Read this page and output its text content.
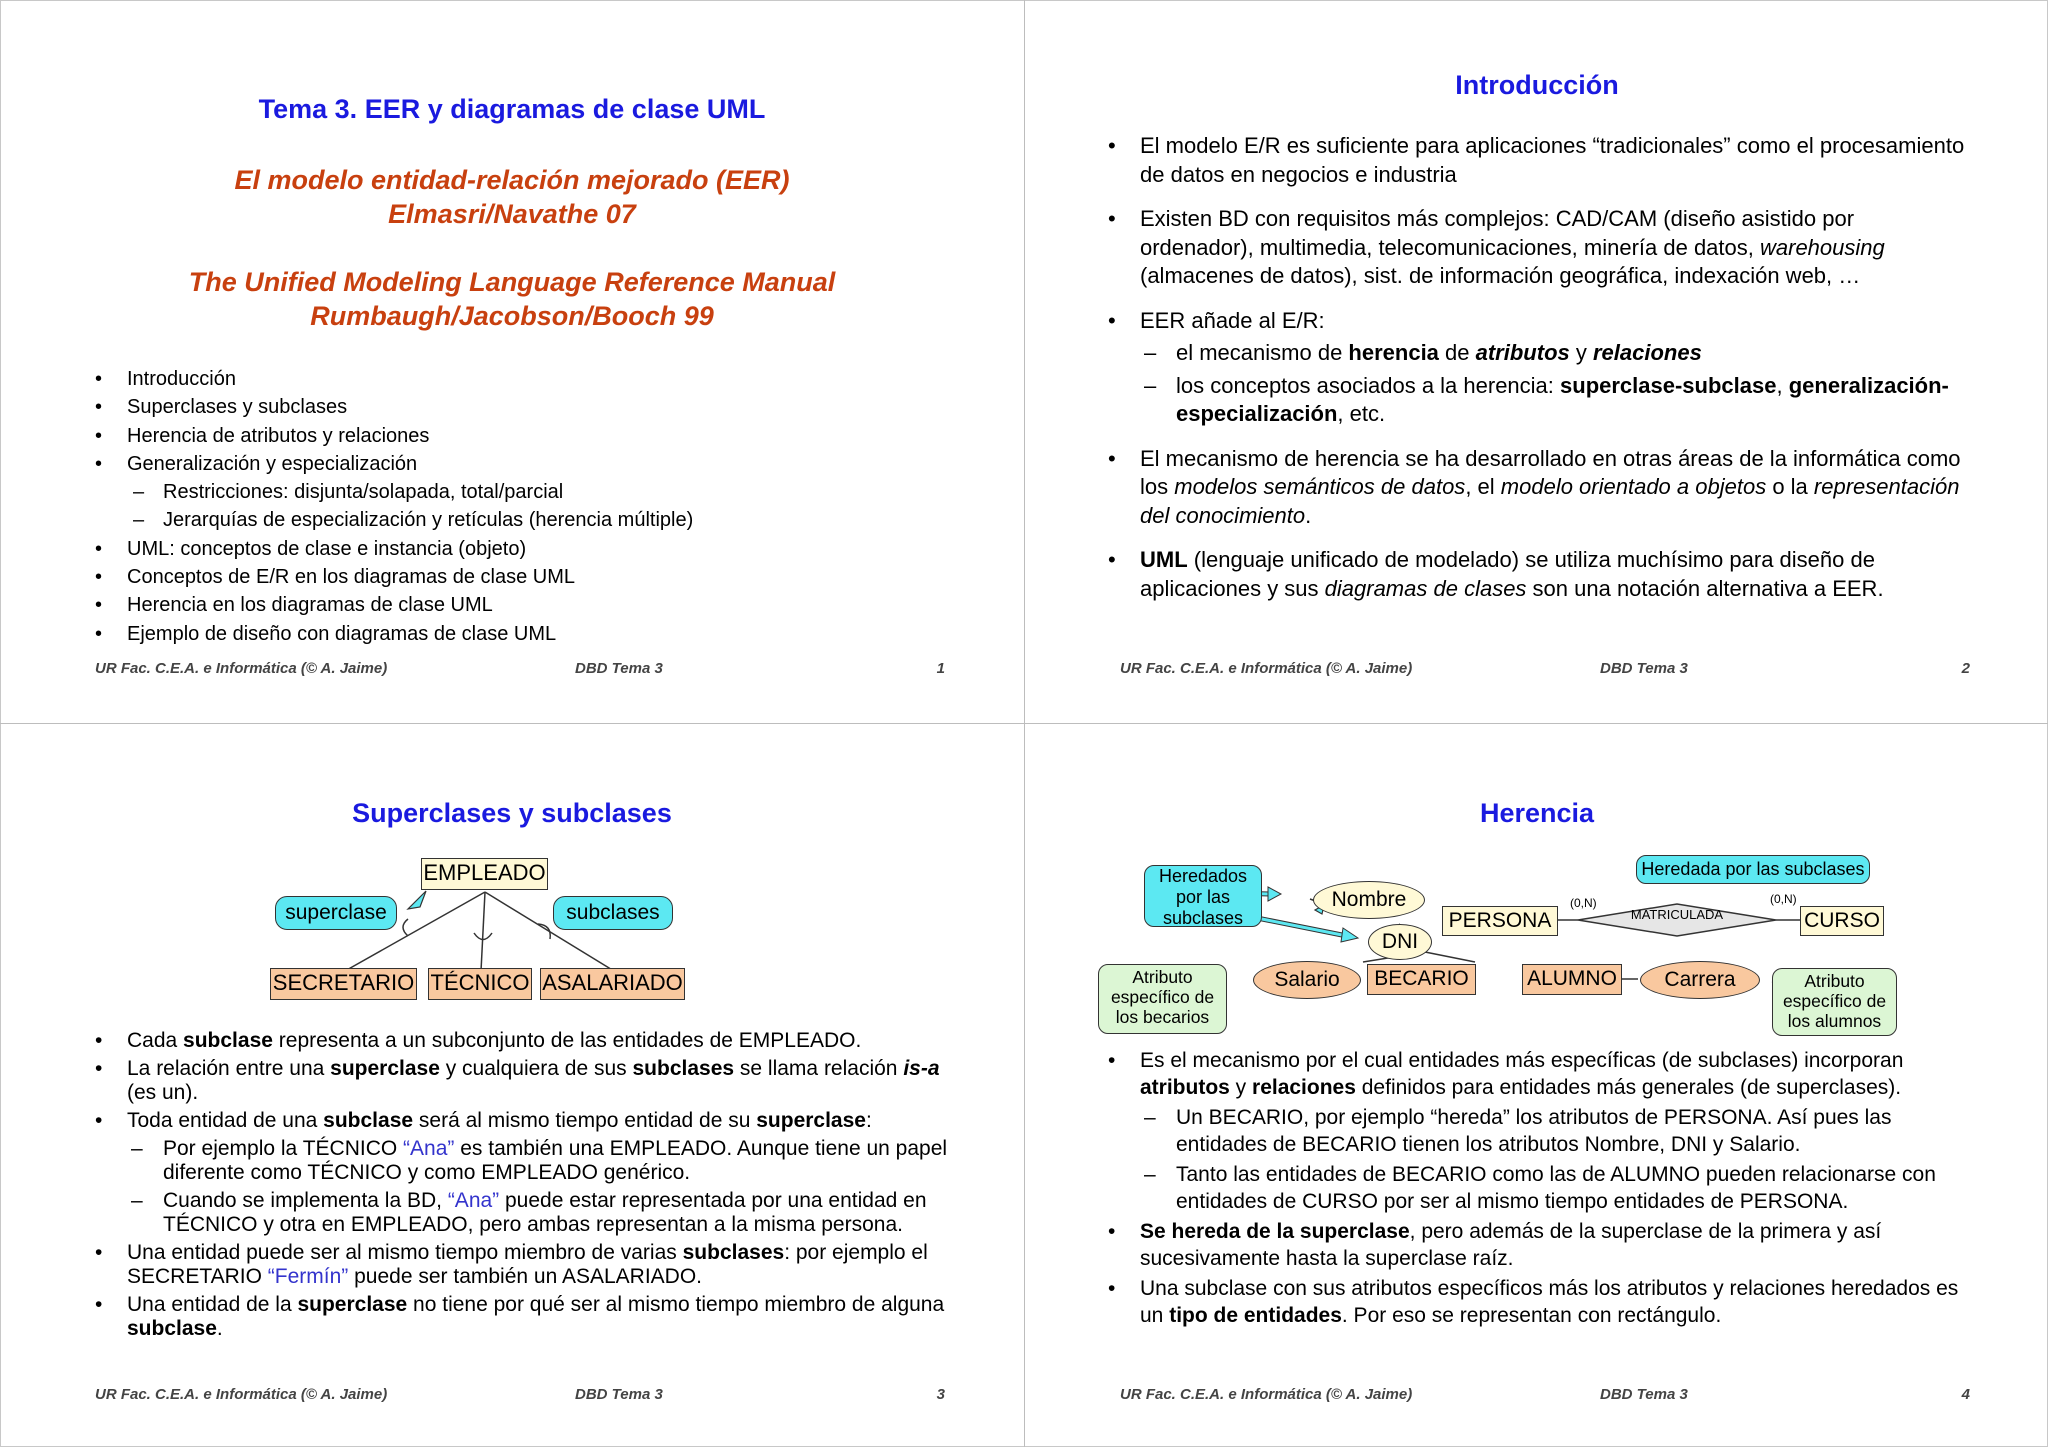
Tema 3. EER y diagramas de clase UML
El modelo entidad-relación mejorado (EER)
Elmasri/Navathe 07
The Unified Modeling Language Reference Manual
Rumbaugh/Jacobson/Booch 99
• Introducción
• Superclases y subclases
• Herencia de atributos y relaciones
• Generalización y especialización
– Restricciones: disjunta/solapada, total/parcial
– Jerarquías de especialización y retículas (herencia múltiple)
• UML: conceptos de clase e instancia (objeto)
• Conceptos de E/R en los diagramas de clase UML
• Herencia en los diagramas de clase UML
• Ejemplo de diseño con diagramas de clase UML
UR Fac. C.E.A. e Informática (© A. Jaime)	DBD Tema 3	1
Introducción
• El modelo E/R es suficiente para aplicaciones “tradicionales” como el procesamiento de datos en negocios e industria
• Existen BD con requisitos más complejos: CAD/CAM (diseño asistido por ordenador), multimedia, telecomunicaciones, minería de datos, warehousing (almacenes de datos), sist. de información geográfica, indexación web, …
• EER añade al E/R:
– el mecanismo de herencia de atributos y relaciones
– los conceptos asociados a la herencia: superclase-subclase, generalización-especialización, etc.
• El mecanismo de herencia se ha desarrollado en otras áreas de la informática como los modelos semánticos de datos, el modelo orientado a objetos o la representación del conocimiento.
• UML (lenguaje unificado de modelado) se utiliza muchísimo para diseño de aplicaciones y sus diagramas de clases son una notación alternativa a EER.
UR Fac. C.E.A. e Informática (© A. Jaime)	DBD Tema 3	2
Superclases y subclases
EMPLEADO
superclase	subclases
SECRETARIO TÉCNICO ASALARIADO
• Cada subclase representa a un subconjunto de las entidades de EMPLEADO.
• La relación entre una superclase y cualquiera de sus subclases se llama relación is-a (es un).
• Toda entidad de una subclase será al mismo tiempo entidad de su superclase:
– Por ejemplo la TÉCNICO “Ana” es también una EMPLEADO. Aunque tiene un papel diferente como TÉCNICO y como EMPLEADO genérico.
– Cuando se implementa la BD, “Ana” puede estar representada por una entidad en TÉCNICO y otra en EMPLEADO, pero ambas representan a la misma persona.
• Una entidad puede ser al mismo tiempo miembro de varias subclases: por ejemplo el SECRETARIO “Fermín” puede ser también un ASALARIADO.
• Una entidad de la superclase no tiene por qué ser al mismo tiempo miembro de alguna subclase.
UR Fac. C.E.A. e Informática (© A. Jaime)	DBD Tema 3	3
Herencia
Heredados por las subclases
Heredada por las subclases
Nombre
DNI
PERSONA	MATRICULADA
(0,N)	(0,N)
CURSO
Atributo específico de los becarios
Salario	BECARIO	ALUMNO	Carrera	Atributo específico de los alumnos
• Es el mecanismo por el cual entidades más específicas (de subclases) incorporan atributos y relaciones definidos para entidades más generales (de superclases).
– Un BECARIO, por ejemplo “hereda” los atributos de PERSONA. Así pues las entidades de BECARIO tienen los atributos Nombre, DNI y Salario.
– Tanto las entidades de BECARIO como las de ALUMNO pueden relacionarse con entidades de CURSO por ser al mismo tiempo entidades de PERSONA.
• Se hereda de la superclase, pero además de la superclase de la primera y así sucesivamente hasta la superclase raíz.
• Una subclase con sus atributos específicos más los atributos y relaciones heredados es un tipo de entidades. Por eso se representan con rectángulo.
UR Fac. C.E.A. e Informática (© A. Jaime)	DBD Tema 3	4
